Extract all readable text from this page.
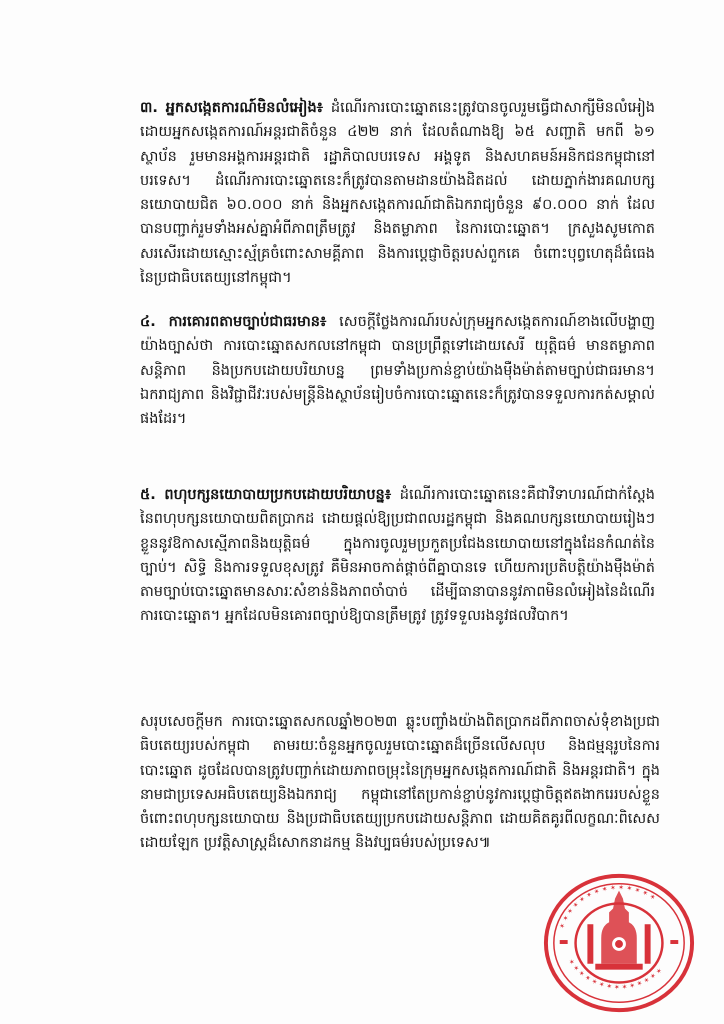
៣. អ្នកសង្កេតការណ៍មិនលំអៀង៖ ដំណើរការបោះឆ្នោតនេះត្រូវបានចូលរួមធ្វើជាសាក្សីមិនលំអៀងដោយអ្នកសង្កេតការណ៍អន្តរជាតិចំនួន ៤២២ នាក់ ដែលតំណាងឱ្យ ៦៥ សញ្ជាតិ មកពី ៦១ ស្ថាប័ន រួមមានអង្គការអន្តរជាតិ រដ្ឋាភិបាលបរទេស អង្គទូត និងសហគមន៍អនិកជនកម្ពុជានៅបរទេស។ ដំណើរការបោះឆ្នោតនេះក៏ត្រូវបានតាមដានយ៉ាងដិតដល់ ដោយភ្នាក់ងារគណបក្សនយោបាយជិត ៦០.០០០ នាក់ និងអ្នកសង្កេតការណ៍ជាតិឯករាជ្យចំនួន ៩០.០០០ នាក់ ដែលបានបញ្ជាក់រួមទាំងអស់គ្នាអំពីភាពត្រឹមត្រូវ និងតម្លាភាព នៃការបោះឆ្នោត។ ក្រសួងសូមកោតសរសើរដោយស្មោះស្ម័គ្រចំពោះសាមគ្គីភាព និងការប្តេជ្ញាចិត្តរបស់ពួកគេ ចំពោះបុព្វហេតុដ៏ធំធេង នៃប្រជាធិបតេយ្យនៅកម្ពុជា។
៤. ការគោរពតាមច្បាប់ជាធរមាន៖ សេចក្តីថ្លែងការណ៍របស់ក្រុមអ្នកសង្កេតការណ៍ខាងលើបង្ហាញយ៉ាងច្បាស់ថា ការបោះឆ្នោតសកលនៅកម្ពុជា បានប្រព្រឹត្តទៅដោយសេរី យុត្តិធម៌ មានតម្លាភាព សន្តិភាព និងប្រកបដោយបរិយាបន្ន ព្រមទាំងប្រកាន់ខ្ជាប់យ៉ាងម៉ឺងម៉ាត់តាមច្បាប់ជាធរមាន។ ឯករាជ្យភាព និងវិជ្ជាជីវៈរបស់មន្ត្រីនិងស្ថាប័នរៀបចំការបោះឆ្នោតនេះក៏ត្រូវបានទទួលការកត់សម្គាល់ផងដែរ។
៥. ពហុបក្សនយោបាយប្រកបដោយបរិយាបន្ន៖ ដំណើរការបោះឆ្នោតនេះគឺជាវិទាហរណ៍ជាក់ស្តែងនៃពហុបក្សនយោបាយពិតប្រាកដ ដោយផ្តល់ឱ្យប្រជាពលរដ្ឋកម្ពុជា និងគណបក្សនយោបាយរៀងៗខ្លួននូវឱកាសស្មើភាពនិងយុត្តិធម៌ ក្នុងការចូលរួមប្រកួតប្រជែងនយោបាយនៅក្នុងដែនកំណត់នៃច្បាប់។ សិទ្ធិ និងការទទួលខុសត្រូវ គឺមិនអាចកាត់ផ្តាច់ពីគ្នាបានទេ ហើយការប្រតិបត្តិយ៉ាងម៉ឺងម៉ាត់តាមច្បាប់បោះឆ្នោតមានសារៈសំខាន់និងភាពចាំបាច់ ដើម្បីធានាបាននូវភាពមិនលំអៀងនៃដំណើរការបោះឆ្នោត។ អ្នកដែលមិនគោរពច្បាប់ឱ្យបានត្រឹមត្រូវ ត្រូវទទួលរងនូវផលវិបាក។
សរុបសេចក្តីមក ការបោះឆ្នោតសកលឆ្នាំ២០២៣ ឆ្លុះបញ្ចាំងយ៉ាងពិតប្រាកដពីភាពចាស់ទុំខាងប្រជាធិបតេយ្យរបស់កម្ពុជា តាមរយៈចំនួនអ្នកចូលរួមបោះឆ្នោតដ៏ច្រើនលើសលុប និងជម្មនុរូបនៃការបោះឆ្នោត ដូចដែលបានត្រូវបញ្ជាក់ដោយភាពចម្រុះនៃក្រុមអ្នកសង្កេតការណ៍ជាតិ និងអន្តរជាតិ។ ក្នុងនាមជាប្រទេសអធិបតេយ្យនិងឯករាជ្យ កម្ពុជានៅតែប្រកាន់ខ្ជាប់នូវការប្តេជ្ញាចិត្តឥតងាករេរបស់ខ្លួនចំពោះពហុបក្សនយោបាយ និងប្រជាធិបតេយ្យប្រកបដោយសន្តិភាព ដោយគិតគូរពីលក្ខណៈពិសេសដោយឡែក ប្រវត្តិសាស្ត្រដ៏សោកនាដកម្ម និងវប្បធម៌របស់ប្រទេស៕
✶ ✶ ✶ ✶ ✶ ✶ ✶ ✶ ✶ ✶ ✶ ✶ ✶ ✶
✶ ✶ ✶ ✶ ✶ ✶ ✶ ✶ ✶ ✶ ✶ ✶ ✶ ✶
